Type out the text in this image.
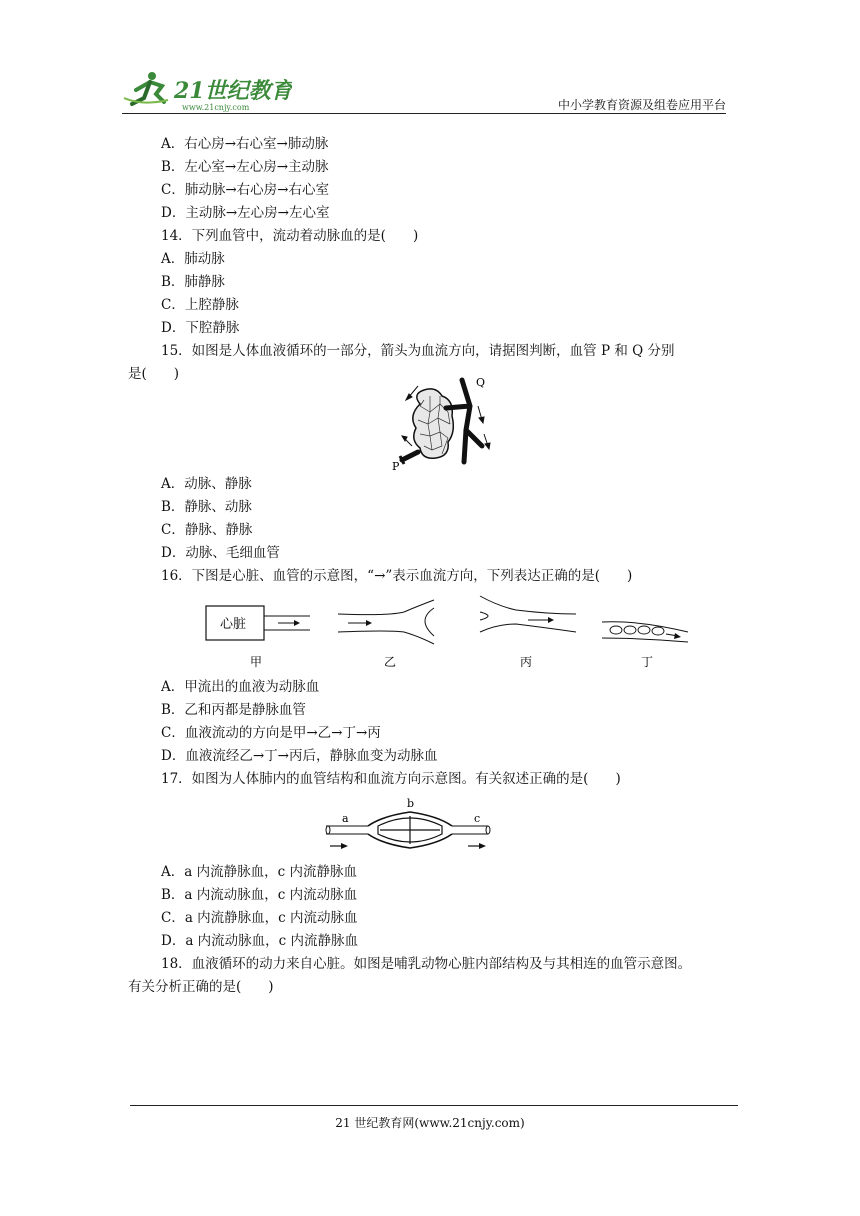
21世纪教育
www.21cnjy.com	中小学教育资源及组卷应用平台
A．右心房→右心室→肺动脉
B．左心室→左心房→主动脉
C．肺动脉→右心房→右心室
D．主动脉→左心房→左心室
14．下列血管中，流动着动脉血的是(　　)
A．肺动脉
B．肺静脉
C．上腔静脉
D．下腔静脉
15．如图是人体血液循环的一部分，箭头为血流方向，请据图判断，血管 P 和 Q 分别
是(　　)
Q
P
A．动脉、静脉
B．静脉、动脉
C．静脉、静脉
D．动脉、毛细血管
16．下图是心脏、血管的示意图，“→”表示血流方向，下列表达正确的是(　　)
心脏
甲	乙	丙	丁
A．甲流出的血液为动脉血
B．乙和丙都是静脉血管
C．血液流动的方向是甲→乙→丁→丙
D．血液流经乙→丁→丙后，静脉血变为动脉血
17．如图为人体肺内的血管结构和血流方向示意图。有关叙述正确的是(　　)
a
b
c
A．a 内流静脉血，c 内流静脉血
B．a 内流动脉血，c 内流动脉血
C．a 内流静脉血，c 内流动脉血
D．a 内流动脉血，c 内流静脉血
18．血液循环的动力来自心脏。如图是哺乳动物心脏内部结构及与其相连的血管示意图。
有关分析正确的是(　　)
21 世纪教育网(www.21cnjy.com)
